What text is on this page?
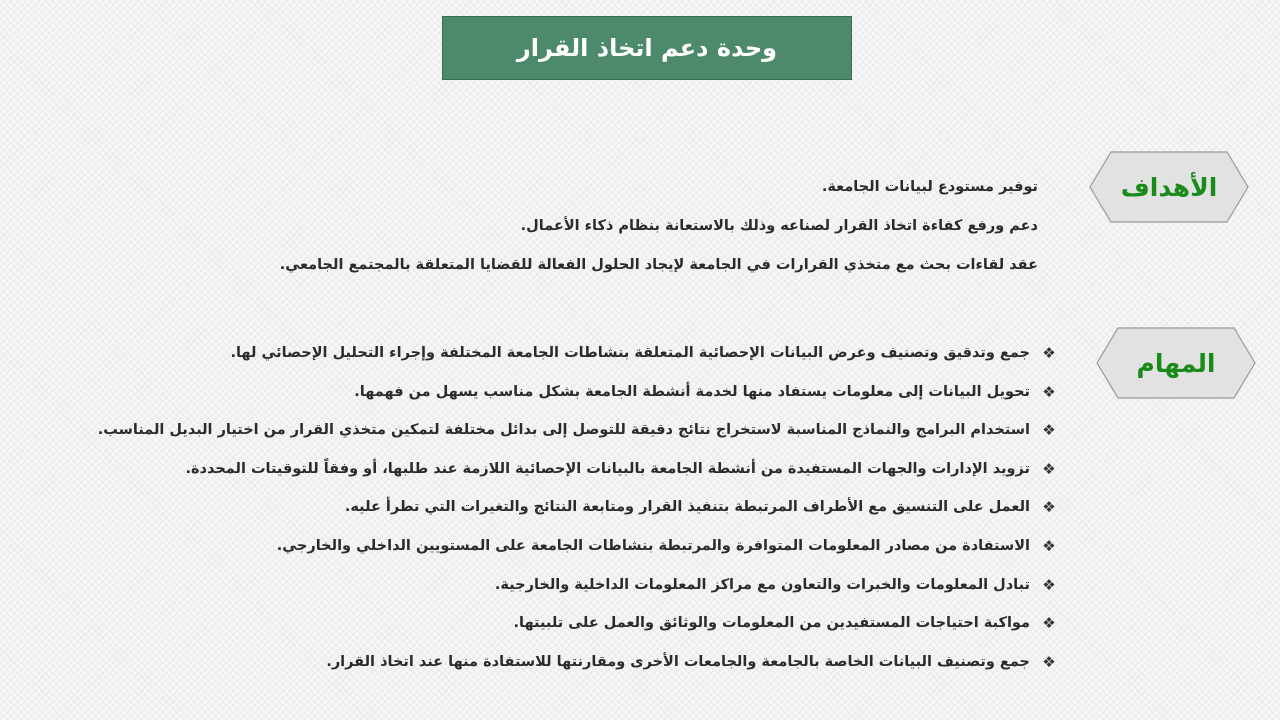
وحدة دعم اتخاذ القرار
الأهداف
المهام
توفير مستودع لبيانات الجامعة.
دعم ورفع كفاءة اتخاذ القرار لصناعه وذلك بالاستعانة بنظام ذكاء الأعمال.
عقد لقاءات بحث مع متخذي القرارات في الجامعة لإيجاد الحلول الفعالة للقضايا المتعلقة بالمجتمع الجامعي.
❖
جمع وتدقيق وتصنيف وعرض البيانات الإحصائية المتعلقة بنشاطات الجامعة المختلفة وإجراء التحليل الإحصائي لها.
❖
تحويل البيانات إلى معلومات يستفاد منها لخدمة أنشطة الجامعة بشكل مناسب يسهل من فهمها.
❖
استخدام البرامج والنماذج المناسبة لاستخراج نتائج دقيقة للتوصل إلى بدائل مختلفة لتمكين متخذي القرار من اختيار البديل المناسب.
❖
تزويد الإدارات والجهات المستفيدة من أنشطة الجامعة بالبيانات الإحصائية اللازمة عند طلبها، أو وفقاً للتوقيتات المحددة.
❖
العمل على التنسيق مع الأطراف المرتبطة بتنفيذ القرار ومتابعة النتائج والتغيرات التي تطرأ عليه.
❖
الاستفادة من مصادر المعلومات المتوافرة والمرتبطة بنشاطات الجامعة على المستويين الداخلي والخارجي.
❖
تبادل المعلومات والخبرات والتعاون مع مراكز المعلومات الداخلية والخارجية.
❖
مواكبة احتياجات المستفيدين من المعلومات والوثائق والعمل على تلبيتها.
❖
جمع وتصنيف البيانات الخاصة بالجامعة والجامعات الأخرى ومقارنتها للاستفادة منها عند اتخاذ القرار.
